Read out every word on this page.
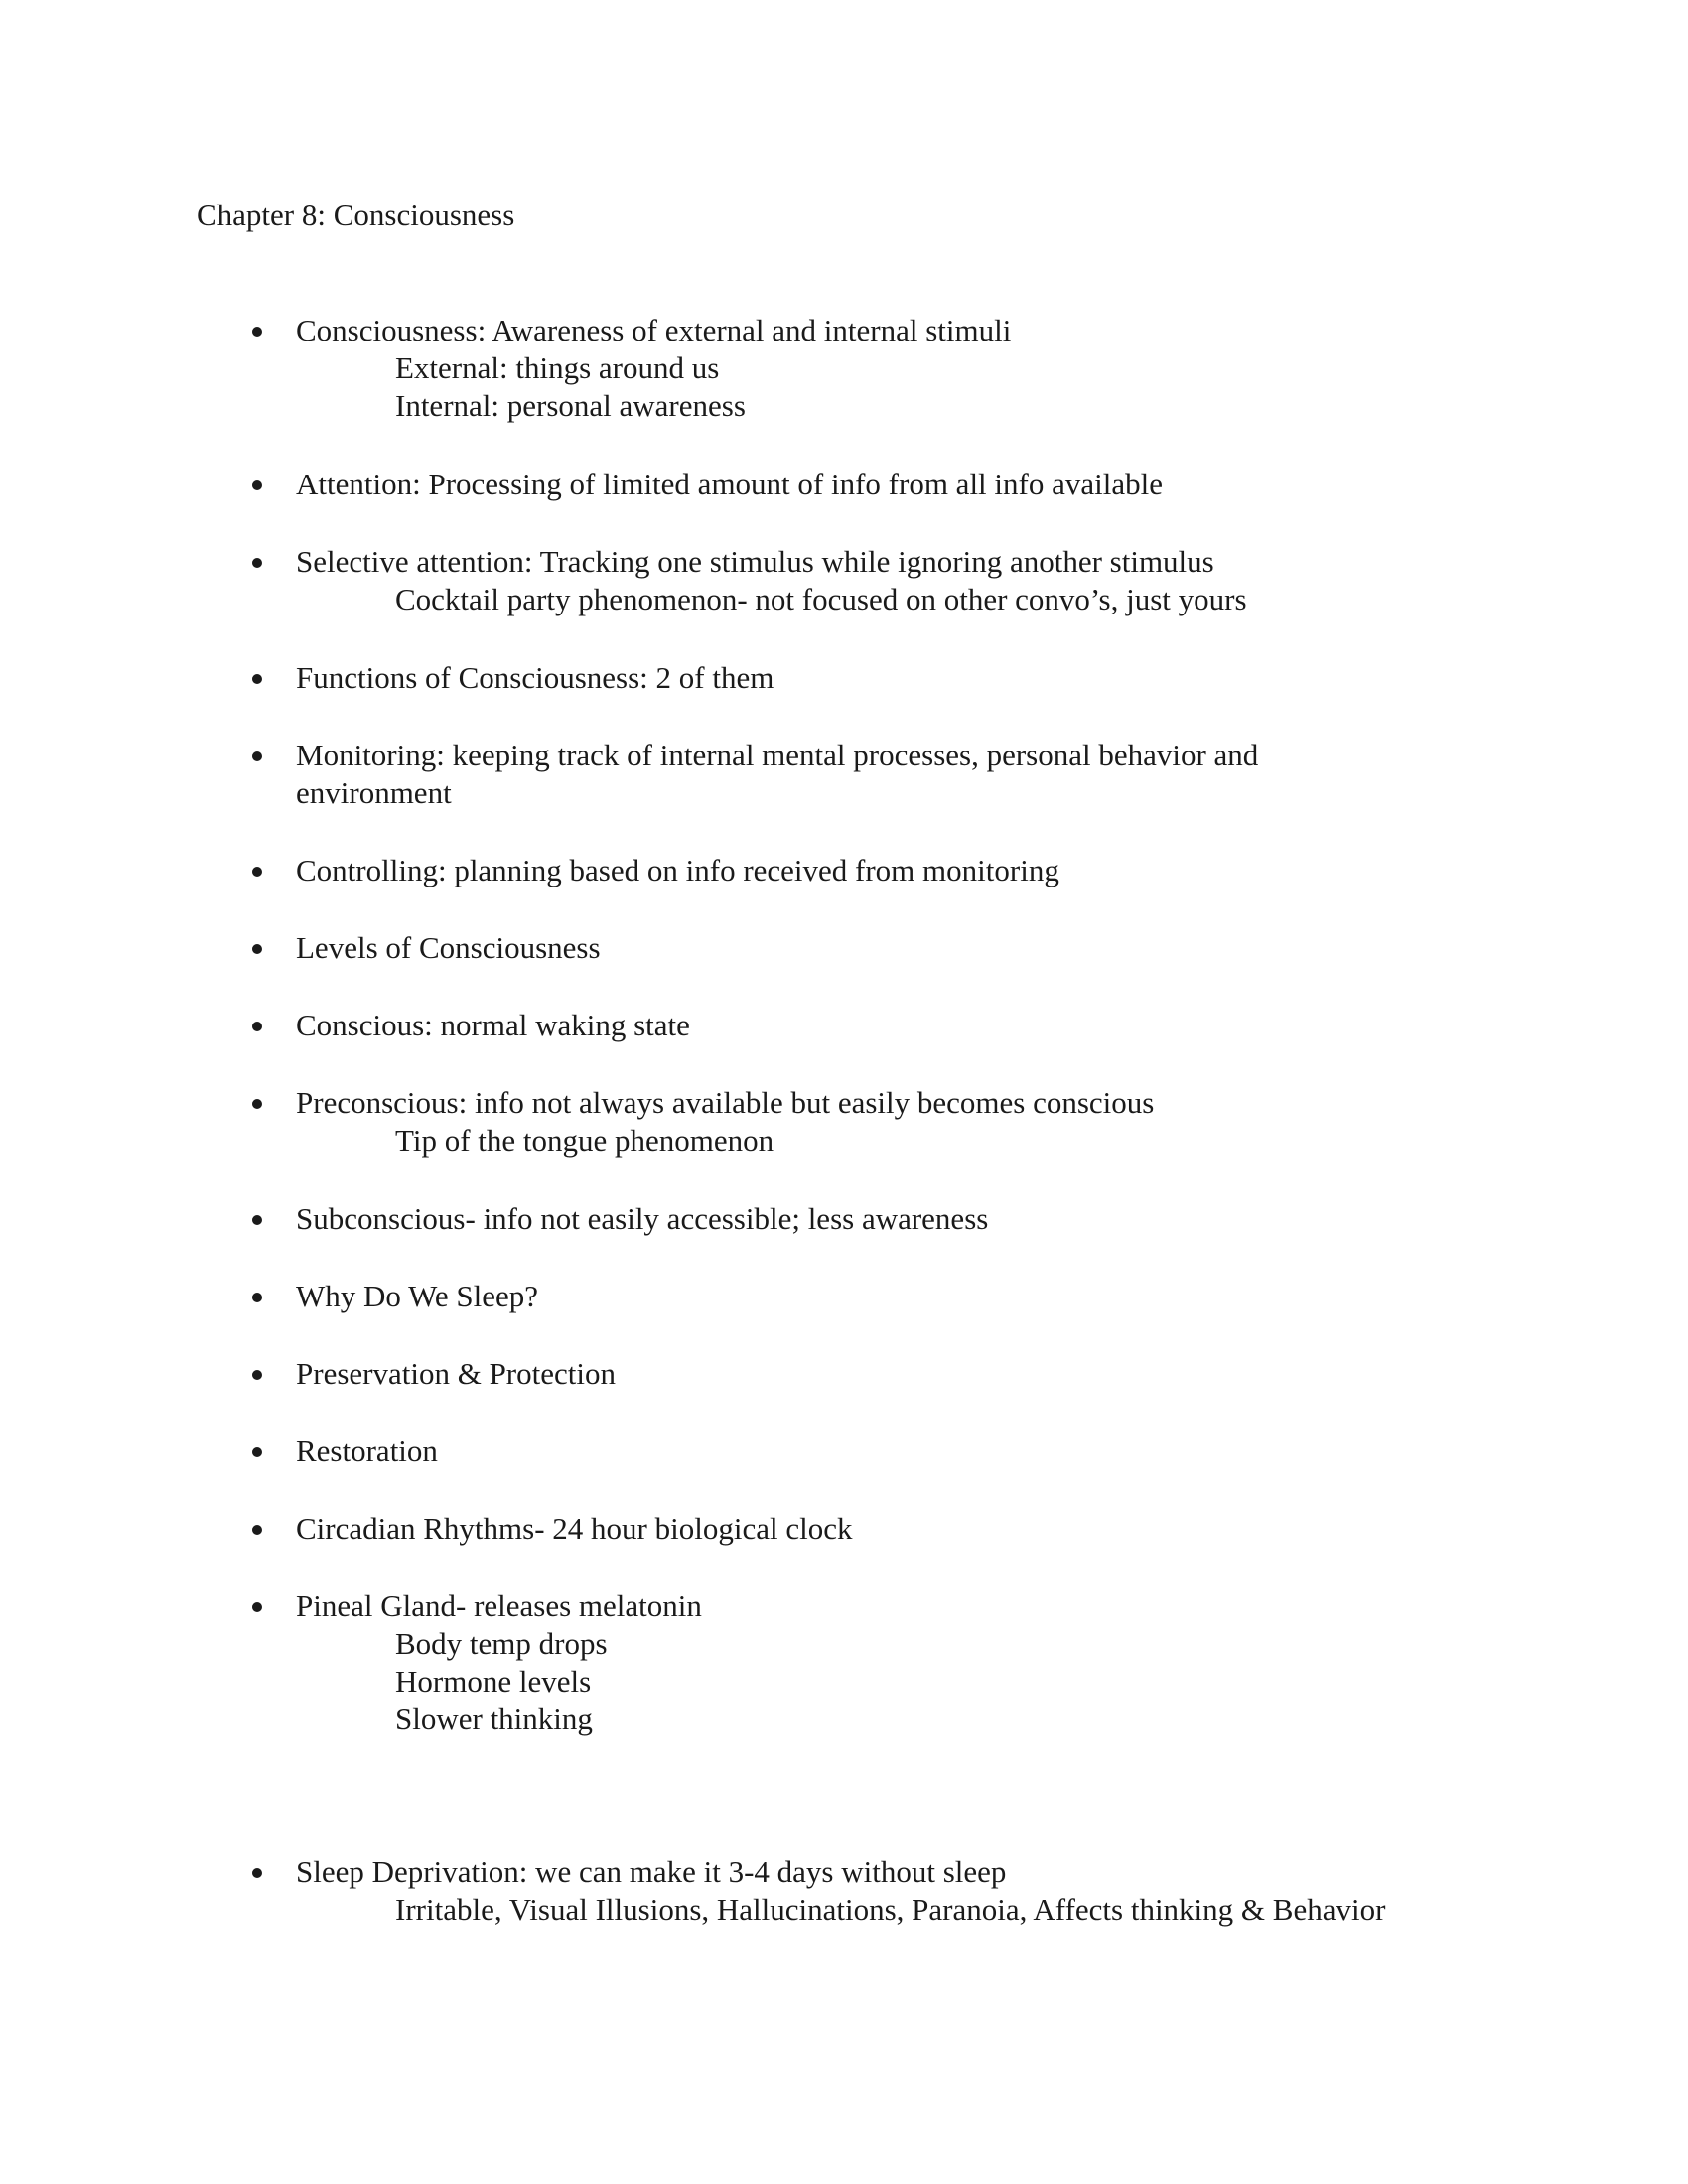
Chapter 8: Consciousness
Consciousness: Awareness of external and internal stimuli
External: things around us
Internal: personal awareness
Attention: Processing of limited amount of info from all info available
Selective attention: Tracking one stimulus while ignoring another stimulus
Cocktail party phenomenon- not focused on other convo’s, just yours
Functions of Consciousness: 2 of them
Monitoring: keeping track of internal mental processes, personal behavior and environment
Controlling: planning based on info received from monitoring
Levels of Consciousness
Conscious: normal waking state
Preconscious: info not always available but easily becomes conscious
Tip of the tongue phenomenon
Subconscious- info not easily accessible; less awareness
Why Do We Sleep?
Preservation & Protection
Restoration
Circadian Rhythms- 24 hour biological clock
Pineal Gland- releases melatonin
Body temp drops
Hormone levels
Slower thinking
Sleep Deprivation: we can make it 3-4 days without sleep
Irritable, Visual Illusions, Hallucinations, Paranoia, Affects thinking & Behavior
